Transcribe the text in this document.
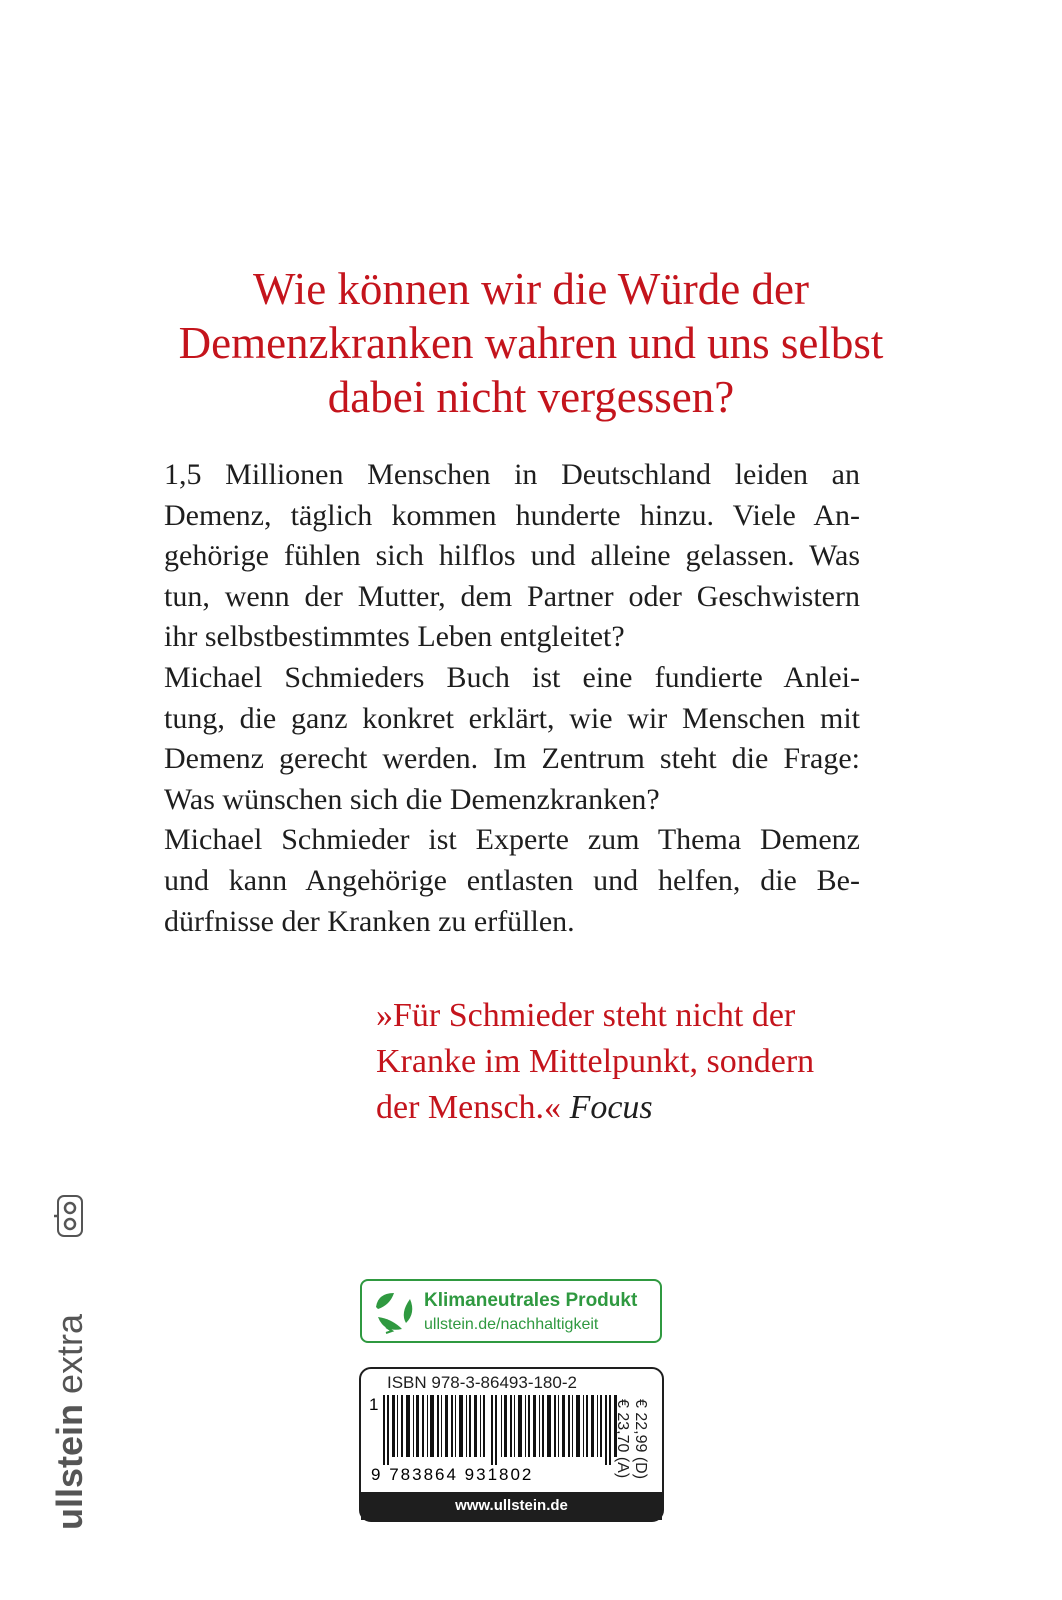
Wie können wir die Würde der
Demenzkranken wahren und uns selbst
dabei nicht vergessen?
1,5 Millionen Menschen in Deutschland leiden an
Demenz, täglich kommen hunderte hinzu. Viele An-
gehörige fühlen sich hilflos und alleine gelassen. Was
tun, wenn der Mutter, dem Partner oder Geschwistern
ihr selbstbestimmtes Leben entgleitet?
Michael Schmieders Buch ist eine fundierte Anlei-
tung, die ganz konkret erklärt, wie wir Menschen mit
Demenz gerecht werden. Im Zentrum steht die Frage:
Was wünschen sich die Demenzkranken?
Michael Schmieder ist Experte zum Thema Demenz
und kann Angehörige entlasten und helfen, die Be-
dürfnisse der Kranken zu erfüllen.
»Für Schmieder steht nicht der
Kranke im Mittelpunkt, sondern
der Mensch.« Focus
ullstein extra
Klimaneutrales Produkt
ullstein.de/nachhaltigkeit
ISBN 978-3-86493-180-2
1
9 783864 931802	€ 22,99 (D)
€ 23,70 (A)
www.ullstein.de
